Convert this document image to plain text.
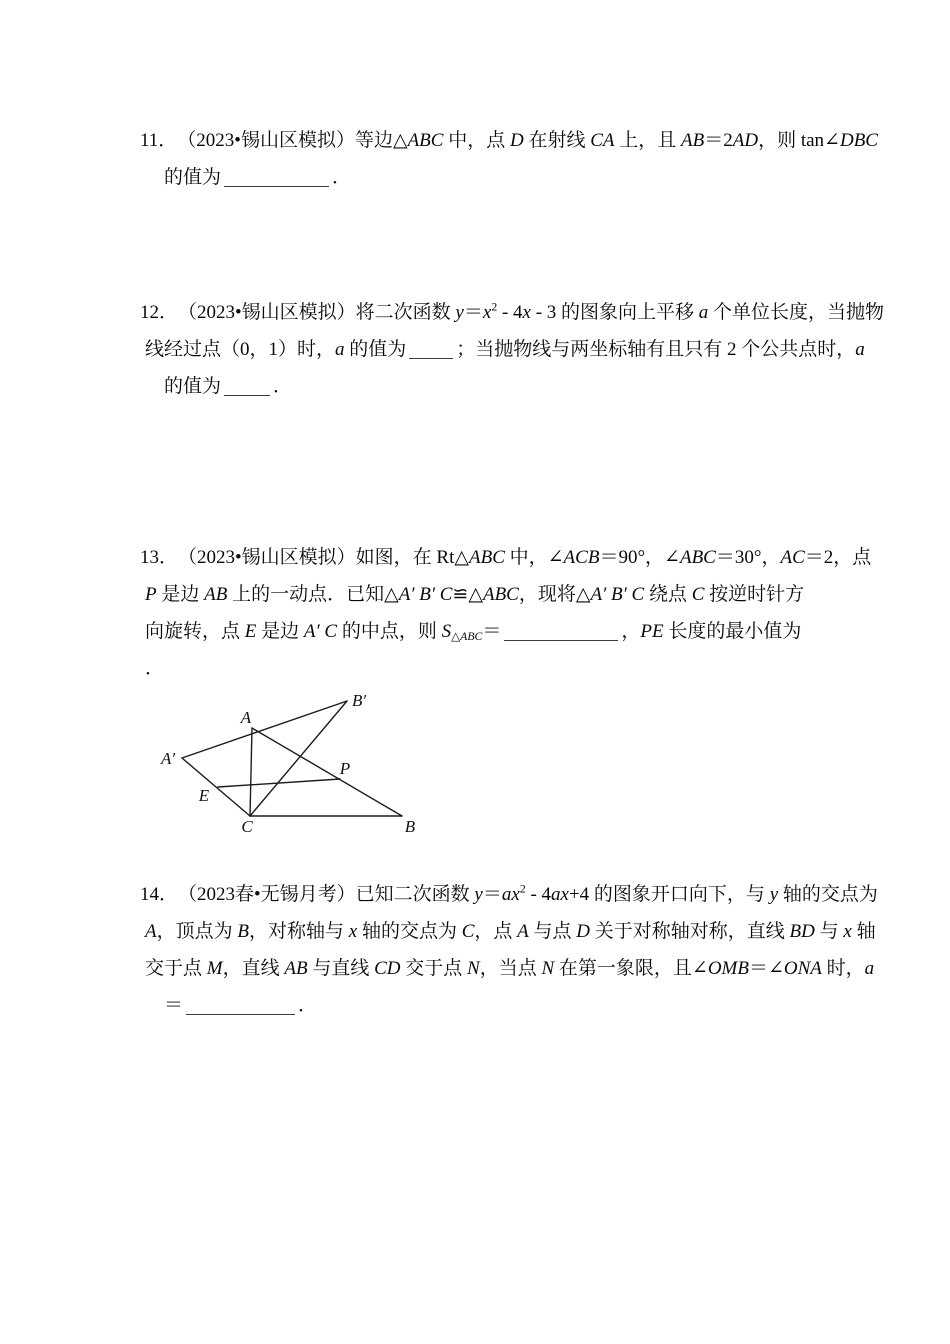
11．（2023•锡山区模拟）等边△ABC 中，点 D 在射线 CA 上，且 AB＝2AD，则 tan∠DBC
的值为	．
12．（2023•锡山区模拟）将二次函数 $y=x^2 - 4x - 3$ 的图象向上平移 a 个单位长度，当抛物
线经过点（0，1）时，a 的值为	；当抛物线与两坐标轴有且只有 2 个公共点时，a
的值为	．
13．（2023•锡山区模拟）如图，在 Rt△ABC 中，∠ACB＝90°，∠ABC＝30°，AC＝2，点
P 是边 AB 上的一动点．已知△A′ B′ C≌△ABC，现将△A′ B′ C 绕点 C 按逆时针方
向旋转，点 E 是边 A′ C 的中点，则 S△ABC＝	，PE 长度的最小值为
．
A
B′
A′
P
E
C	B
14．（2023春•无锡月考）已知二次函数 $y=ax^2 - 4ax+4$ 的图象开口向下，与 y 轴的交点为
A，顶点为 B，对称轴与 x 轴的交点为 C，点 A 与点 D 关于对称轴对称，直线 BD 与 x 轴
交于点 M，直线 AB 与直线 CD 交于点 N，当点 N 在第一象限，且∠OMB＝∠ONA 时，a
＝	．
